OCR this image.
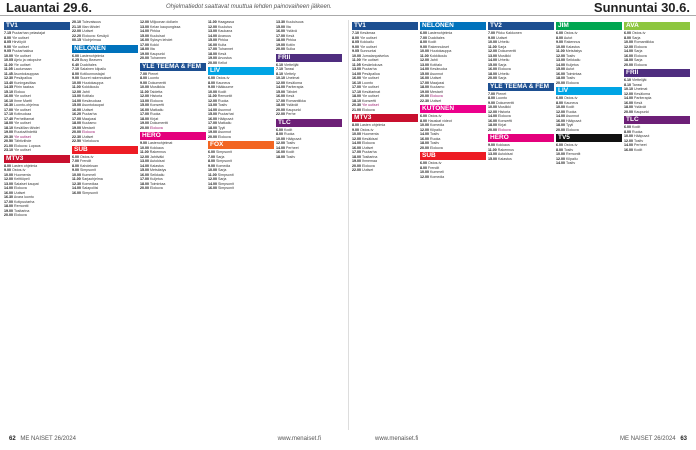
Lauantai 29.6.	Ohjelmatiedot saattavat muuttua lehden painovaiheen jälkeen.	Sunnuntai 30.6.
TV1
7.15 Puutarhan pelastajat
8.00 Yle uutiset
8.05 Hirviöyöt
9.00 Yle uutiset
9.05 Puutarhakisa
10.00 Yle uutiset
10.05 Ajelu ja ostopuhe
11.00 Yle uutiset
11.05 Laulumaan
11.45 Asuntokauppaa
12.30 Pesäpalloa
13.40 Kuningasiltaa
14.35 Piirin taaksa
15.10 Elokuu
16.00 Yle uutiset
16.10 Ihme Martti
16.30 Luonto-ohjelma
17.00 Yle uutiset
17.10 Kotiruokaa
17.40 Perheiltamat
18.00 Yle uutiset
18.10 Kesäillan tähdet
19.00 Ruutuviihdettä
20.30 Yle uutiset
20.50 Tähtiviihde
21.00 Elokuva: Lupaus
23.10 Yle uutiset
MTV3
8.00 Lasten ohjelmia
9.00 Ostos-tv
10.00 Huomenta
12.00 Keittiöpeli
13.00 Salaiset kaupat
14.00 Elokuva
16.00 Uutiset
16.30 Avara luonto
17.00 Kotipuutarha
18.00 Remontti
19.00 Tositarina
20.00 Elokuva
20.10 Tulevaisuus
21.10 Illan tähdet
22.00 Uutiset
22.20 Elokuva: Kesäyö
00.15 Yöohjelmaa
NELONEN
6.00 Lastenohjelmia
6.25 Busy Beavers
6.40 Duckitales
7.10 Salainen kilpailu
8.00 Kotikunnostajat
9.00 Suuret rakennukset
10.00 Huutokauppa
11.00 Kokkikoulu
12.00 Jahti
13.00 Kotitalo
14.00 Kesäruokaa
15.00 Asuntokaupat
16.00 Uutiset
16.20 Puutarha
17.00 Maajussi
18.00 Kuutamo
19.00 Mestarit
20.00 Elokuva
22.30 Uutiset
22.50 Yöelokuva
SUB
6.00 Ostos-tv
7.00 Frendit
8.00 Kahdeksan
9.00 Simpsonit
10.00 Kummeli
11.00 Sarjaohjelma
12.30 Komediaa
14.00 Salapoliisi
16.00 Simpsonit
12.00 Miljoonan dollarin
13.00 Kelan kaupungissa
14.00 Pirkka
15.00 Kuuluisat
16.00 Syksyn lehdet
17.00 Kokki
18.00 Ilta
19.00 Kaupunki
20.00 Tuhannen
YLE TEEMA & FEM
7.00 Pienet
8.00 Luonto
9.00 Dokumentti
10.00 Musiikkia
11.00 Taidetta
12.00 Historia
13.00 Elokuva
15.00 Konsertti
16.00 Matkailu
17.00 Ruoka
18.00 Kirjat
19.00 Dokumentti
20.00 Elokuva
HERO
9.00 Lastenohjelmat
10.00 Kokkaus
11.00 Rakennus
12.00 Jahtiväki
13.00 Autokisat
14.00 Kalastus
15.00 Metsästys
16.00 Seikkailu
17.00 Kuljetus
18.00 Toimintaa
20.00 Elokuva
11.00 Haagassa
12.00 Kuulutus
13.00 Kaukana
14.00 Avaruus
15.00 Pirkka
16.00 Kulta
17.00 Tuhannet
18.00 Kesä
19.00 Arvostus
20.00 Kellot
LIV
6.00 Ostos-tv
8.00 Kauneus
9.00 Hääkuume
10.00 Kodit
11.00 Remontit
12.00 Ruoka
13.00 Tositv
14.00 Asunnot
15.00 Puutarhat
16.00 Hääpuvut
17.00 Matkailu
18.00 Tyyli
19.00 Asunnot
20.00 Elokuva
FOX
6.00 Simpsonit
7.00 Sarja
8.00 Simpsonit
9.00 Komedia
10.00 Sarja
11.00 Simpsonit
12.00 Sarja
14.00 Simpsonit
16.00 Simpsonit
13.30 Kuuluisuus
15.00 Ilta
16.00 Ystävä
17.00 Kesä
18.00 Pirkka
19.00 Kotiin
20.00 Sulka
FRII
6.10 Viettelijät
7.10 Tanssi
8.10 Viettely
10.10 Unelmat
12.00 Kesäloma
14.00 Pariterapia
15.00 Tähdet
16.00 Kesä
17.00 Romantiikka
18.00 Ystävät
20.00 Kaupunki
22.00 Perhe
TLC
6.00 Kodit
8.00 Ruoka
10.00 Hääpuvut
12.00 Tositv
14.00 Perheet
16.00 Kodit
18.00 Tositv
TV1
7.10 Kesämaa
8.00 Yle uutiset
8.05 Kokkailu
9.00 Yle uutiset
9.05 Sunnuntai
10.00 Jumalanpalvelus
11.00 Yle uutiset
11.05 Kesäelokuva
13.00 Puutarha
14.00 Pesäpalloa
16.00 Yle uutiset
16.10 Luonto
17.00 Yle uutiset
17.10 Kesätarinat
18.00 Yle uutiset
18.10 Konsertti
20.30 Yle uutiset
21.00 Elokuva
MTV3
8.00 Lasten ohjelmia
9.00 Ostos-tv
10.00 Huomenta
12.00 Kesäkisat
14.00 Elokuva
16.00 Uutiset
17.00 Puutarha
18.00 Tositarina
19.00 Ihmemaa
20.00 Elokuva
22.00 Uutiset
NELONEN
6.00 Lastenohjelmia
7.00 Duckitales
8.00 Kodit
9.00 Rakennukset
10.00 Huutokauppa
11.00 Kokkikoulu
12.00 Jahti
13.00 Kotitalo
14.00 Kesäruoka
15.00 Asunnot
16.00 Uutiset
17.00 Maajussi
18.00 Kuutamo
19.00 Mestarit
20.00 Elokuva
22.30 Uutiset
KUTONEN
6.00 Ostos-tv
8.00 Hauskat videot
10.00 Komedia
12.00 Kilpailu
14.00 Tositv
16.00 Ruoka
18.00 Tositv
20.00 Elokuva
SUB
6.00 Ostos-tv
8.00 Frendit
10.00 Kummeli
12.00 Komedia
TV2
7.00 Pikku Kakkonen
9.00 Uutiset
10.00 Urheilu
11.00 Sarja
12.00 Dokumentti
13.00 Musiikki
14.00 Urheilu
15.00 Sarja
16.00 Elokuva
18.00 Urheilu
20.00 Sarja
YLE TEEMA & FEM
7.00 Pienet
8.00 Luonto
9.00 Dokumentti
10.00 Musiikki
12.00 Historia
14.00 Elokuva
16.00 Konsertti
18.00 Kirjat
20.00 Elokuva
HERO
9.00 Kokkaus
11.00 Rakennus
13.00 Autokisat
15.00 Kalastus
JIM
6.00 Ostos-tv
8.00 Autot
9.00 Rakennus
10.00 Kalastus
11.00 Metsästys
12.00 Tositv
13.00 Seikkailu
14.00 Kuljetus
15.00 Autot
16.00 Toimintaa
18.00 Tositv
20.00 Elokuva
LIV
6.00 Ostos-tv
8.00 Kauneus
10.00 Kodit
12.00 Ruoka
14.00 Asunnot
16.00 Hääpuvut
18.00 Tyyli
20.00 Elokuva
TV5
6.00 Ostos-tv
8.00 Tositv
10.00 Remontit
12.00 Kilpailu
14.00 Tositv
AVA
6.00 Ostos-tv
8.00 Sarja
10.00 Romantiikka
12.00 Elokuva
14.00 Sarja
16.00 Elokuva
18.00 Sarja
20.00 Elokuva
FRII
6.10 Viettelijät
8.10 Tanssi
10.10 Unelmat
12.00 Kesäloma
14.00 Pariterapia
16.00 Kesä
18.00 Ystävät
20.00 Kaupunki
TLC
6.00 Kodit
8.00 Ruoka
10.00 Hääpuvut
12.00 Tositv
14.00 Perheet
16.00 Kodit
62 ME NAISET 26/2024	www.menaiset.fi	www.menaiset.fi	ME NAISET 26/2024 63
